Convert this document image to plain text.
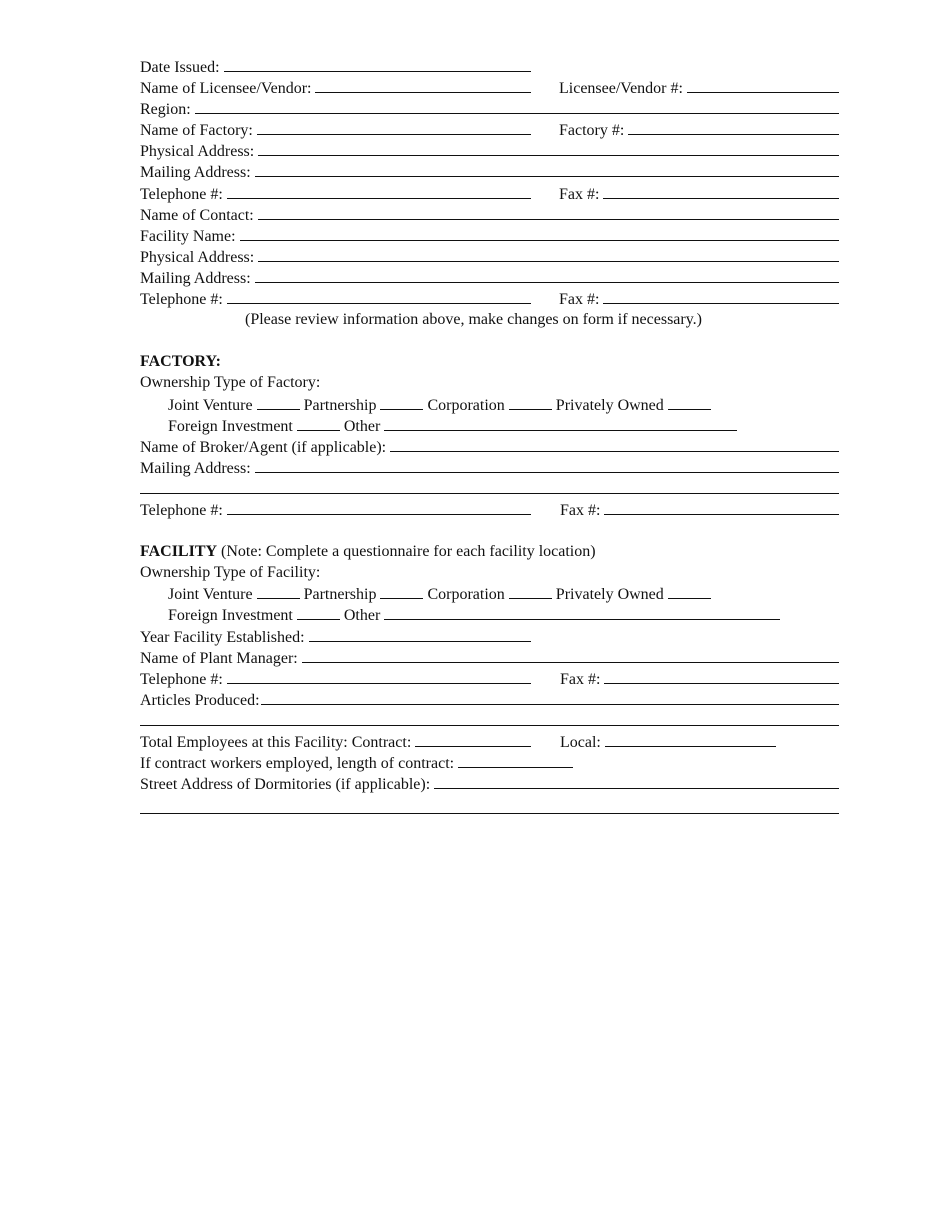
Date Issued:
Name of Licensee/Vendor:	Licensee/Vendor #:
Region:
Name of Factory:	Factory #:
Physical Address:
Mailing Address:
Telephone #:	Fax #:
Name of Contact:
Facility Name:
Physical Address:
Mailing Address:
Telephone #:	Fax #:
(Please review information above, make changes on form if necessary.)
FACTORY:
Ownership Type of Factory:
Joint Venture	Partnership	Corporation	Privately Owned
Foreign Investment	Other
Name of Broker/Agent (if applicable):
Mailing Address:
Telephone #:	Fax #:
FACILITY (Note: Complete a questionnaire for each facility location)
Ownership Type of Facility:
Joint Venture	Partnership	Corporation	Privately Owned
Foreign Investment	Other
Year Facility Established:
Name of Plant Manager:
Telephone #:	Fax #:
Articles Produced:
Total Employees at this Facility: Contract:	Local:
If contract workers employed, length of contract:
Street Address of Dormitories (if applicable):
